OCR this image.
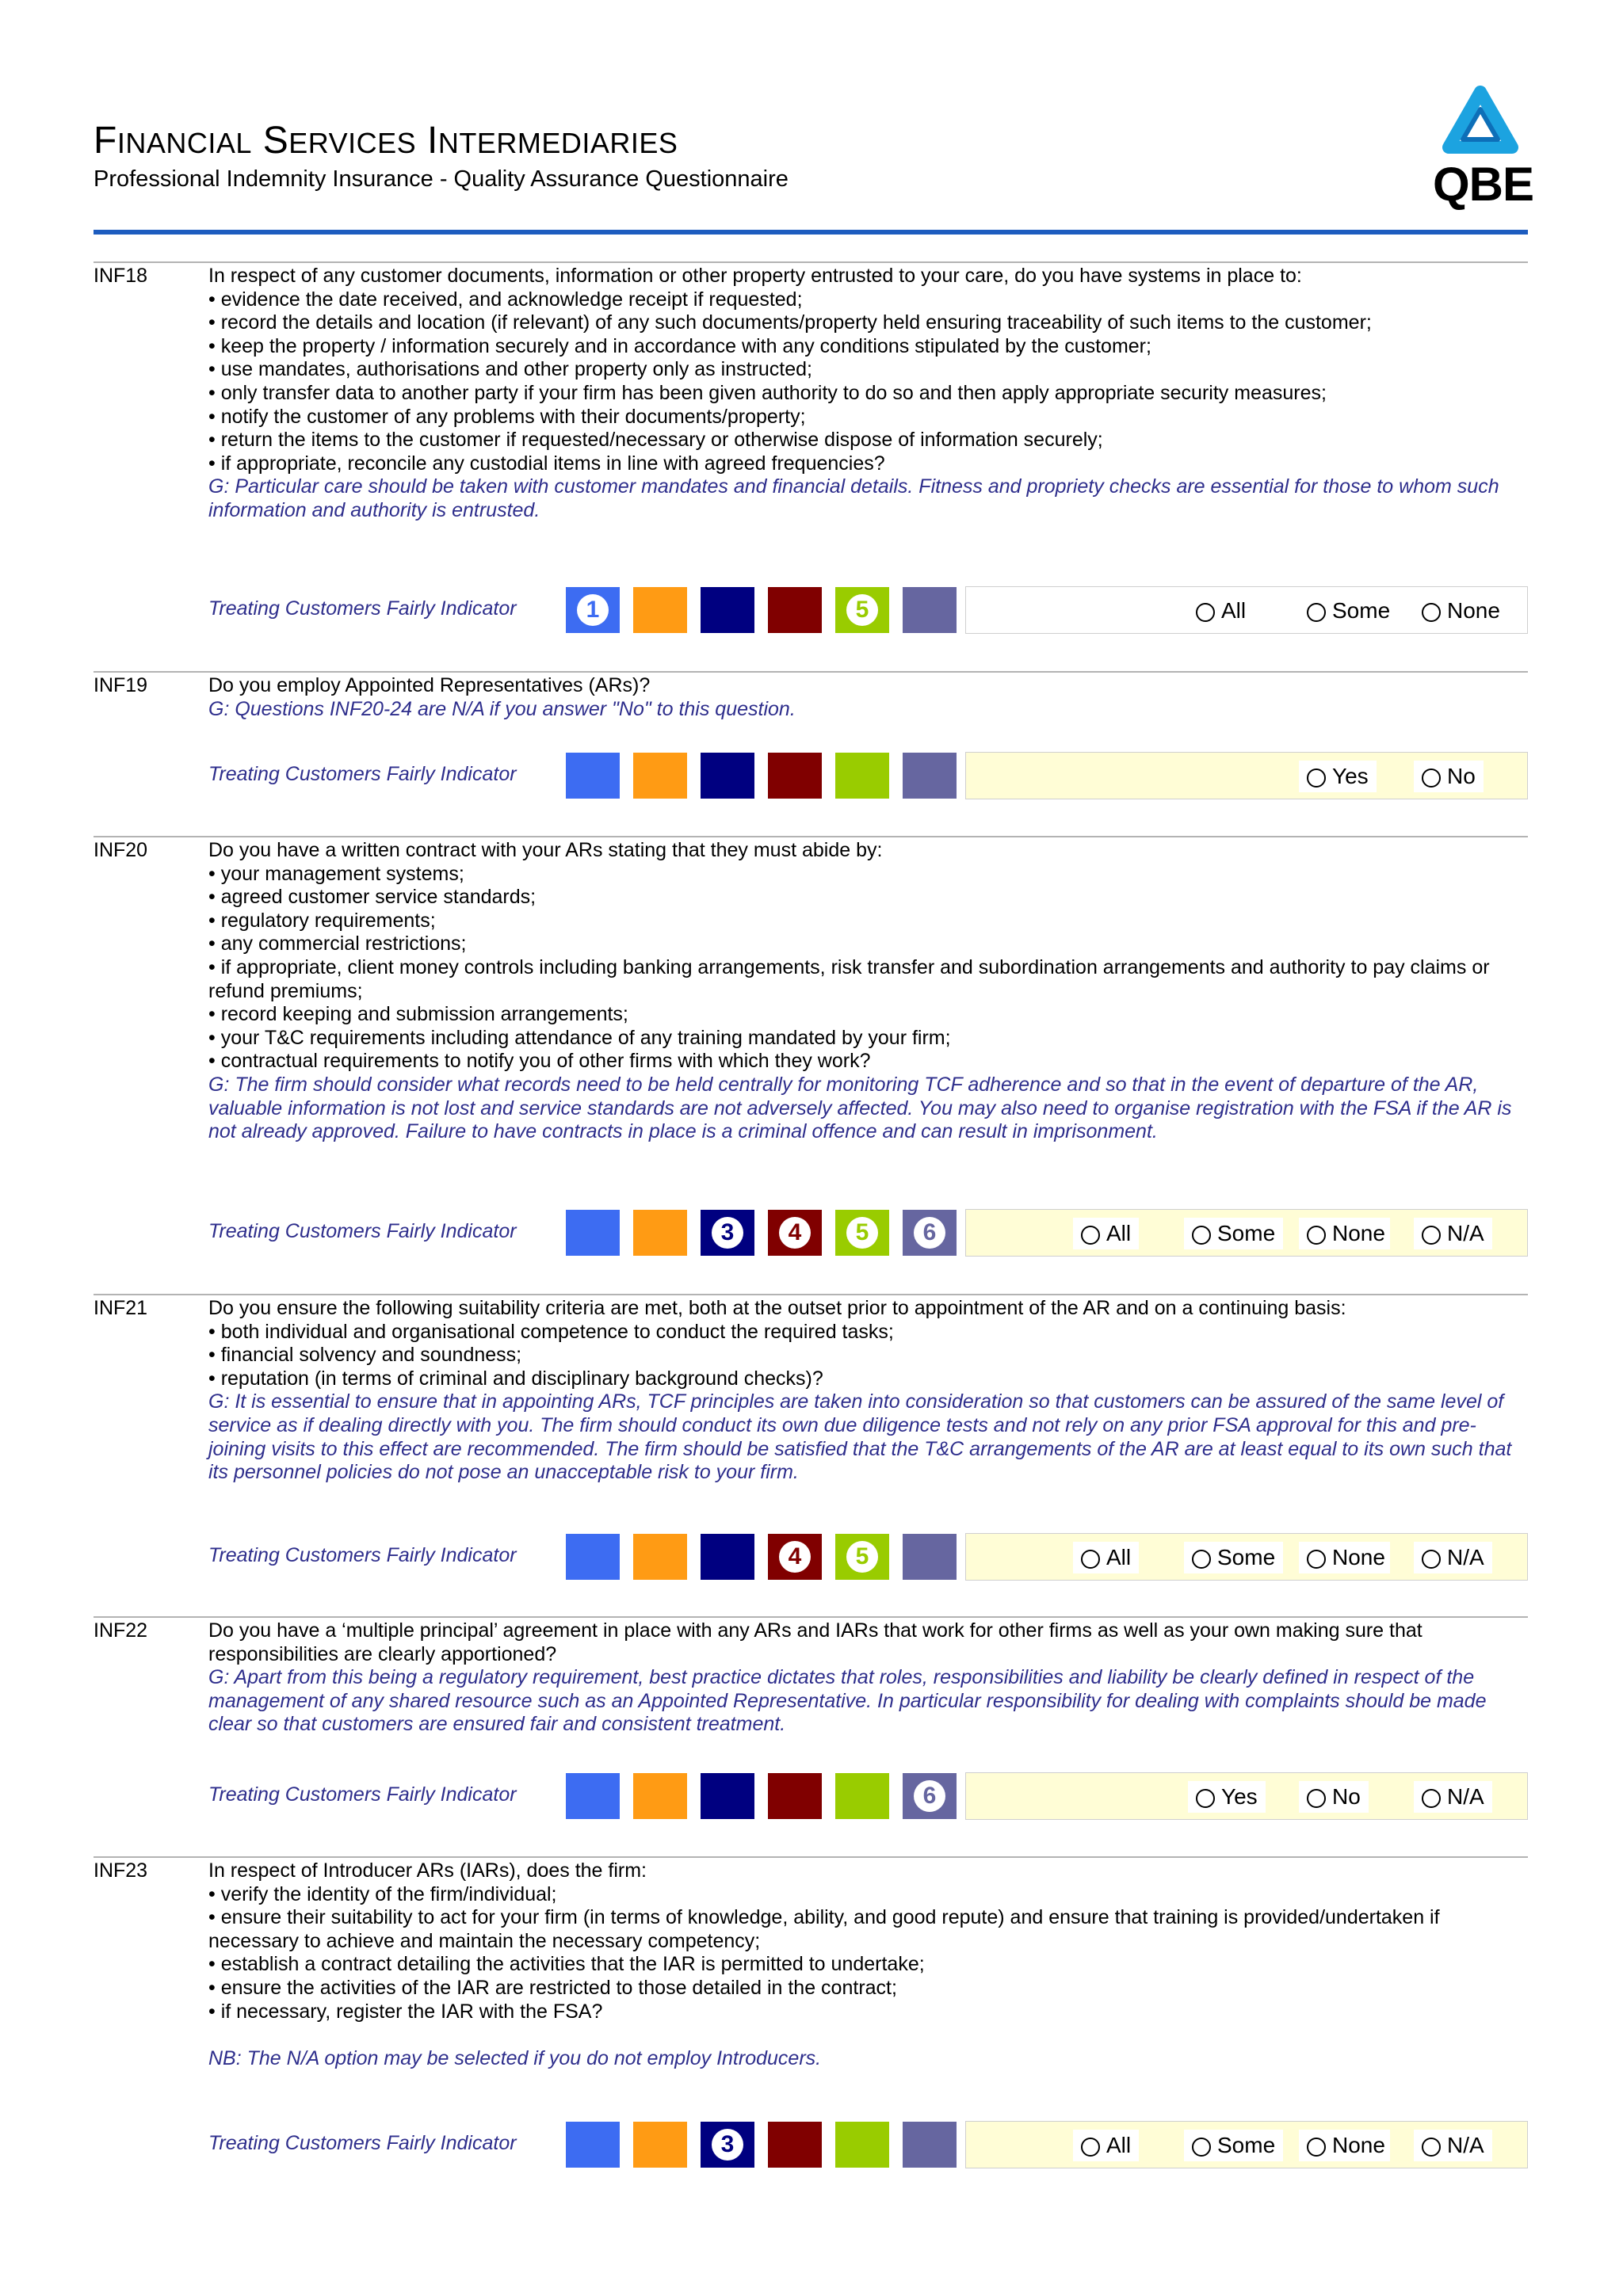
FINANCIAL SERVICES INTERMEDIARIES
Professional Indemnity Insurance - Quality Assurance Questionnaire	QBE
INF18	In respect of any customer documents, information or other property entrusted to your care, do you have systems in place to:

• evidence the date received, and acknowledge receipt if requested;

• record the details and location (if relevant) of any such documents/property held ensuring traceability of such items to the customer;

• keep the property / information securely and in accordance with any conditions stipulated by the customer;

• use mandates, authorisations and other property only as instructed;

• only transfer data to another party if your firm has been given authority to do so and then apply appropriate security measures;

• notify the customer of any problems with their documents/property;

• return the items to the customer if requested/necessary or otherwise dispose of information securely;

• if appropriate, reconcile any custodial items in line with agreed frequencies?

G: Particular care should be taken with customer mandates and financial details. Fitness and propriety checks are essential for those to whom such information and authority is entrusted.

Treating Customers Fairly Indicator	All	Some	None
1	5
INF19	Do you employ Appointed Representatives (ARs)?

G: Questions INF20-24 are N/A if you answer "No" to this question.

Treating Customers Fairly Indicator	Yes	No
INF20	Do you have a written contract with your ARs stating that they must abide by:

• your management systems;

• agreed customer service standards;

• regulatory requirements;

• any commercial restrictions;

• if appropriate, client money controls including banking arrangements, risk transfer and subordination arrangements and authority to pay claims or refund premiums;

• record keeping and submission arrangements;

• your T&C requirements including attendance of any training mandated by your firm;

• contractual requirements to notify you of other firms with which they work?

G: The firm should consider what records need to be held centrally for monitoring TCF adherence and so that in the event of departure of the AR, valuable information is not lost and service standards are not adversely affected. You may also need to organise registration with the FSA if the AR is not already approved. Failure to have contracts in place is a criminal offence and can result in imprisonment.

Treating Customers Fairly Indicator	All	Some	None	N/A
3	4	5	6
INF21	Do you ensure the following suitability criteria are met, both at the outset prior to appointment of the AR and on a continuing basis:

• both individual and organisational competence to conduct the required tasks;

• financial solvency and soundness;

• reputation (in terms of criminal and disciplinary background checks)?

G: It is essential to ensure that in appointing ARs, TCF principles are taken into consideration so that customers can be assured of the same level of service as if dealing directly with you. The firm should conduct its own due diligence tests and not rely on any prior FSA approval for this and pre-joining visits to this effect are recommended. The firm should be satisfied that the T&C arrangements of the AR are at least equal to its own such that its personnel policies do not pose an unacceptable risk to your firm.

Treating Customers Fairly Indicator	All	Some	None	N/A
4	5
INF22	Do you have a ‘multiple principal’ agreement in place with any ARs and IARs that work for other firms as well as your own making sure that responsibilities are clearly apportioned?

G: Apart from this being a regulatory requirement, best practice dictates that roles, responsibilities and liability be clearly defined in respect of the management of any shared resource such as an Appointed Representative. In particular responsibility for dealing with complaints should be made clear so that customers are ensured fair and consistent treatment.

Treating Customers Fairly Indicator	Yes	No	N/A
6
INF23	In respect of Introducer ARs (IARs), does the firm:

• verify the identity of the firm/individual;

• ensure their suitability to act for your firm (in terms of knowledge, ability, and good repute) and ensure that training is provided/undertaken if necessary to achieve and maintain the necessary competency;

• establish a contract detailing the activities that the IAR is permitted to undertake;

• ensure the activities of the IAR are restricted to those detailed in the contract;

• if necessary, register the IAR with the FSA?

NB: The N/A option may be selected if you do not employ Introducers.

Treating Customers Fairly Indicator	All	Some	None	N/A
3
